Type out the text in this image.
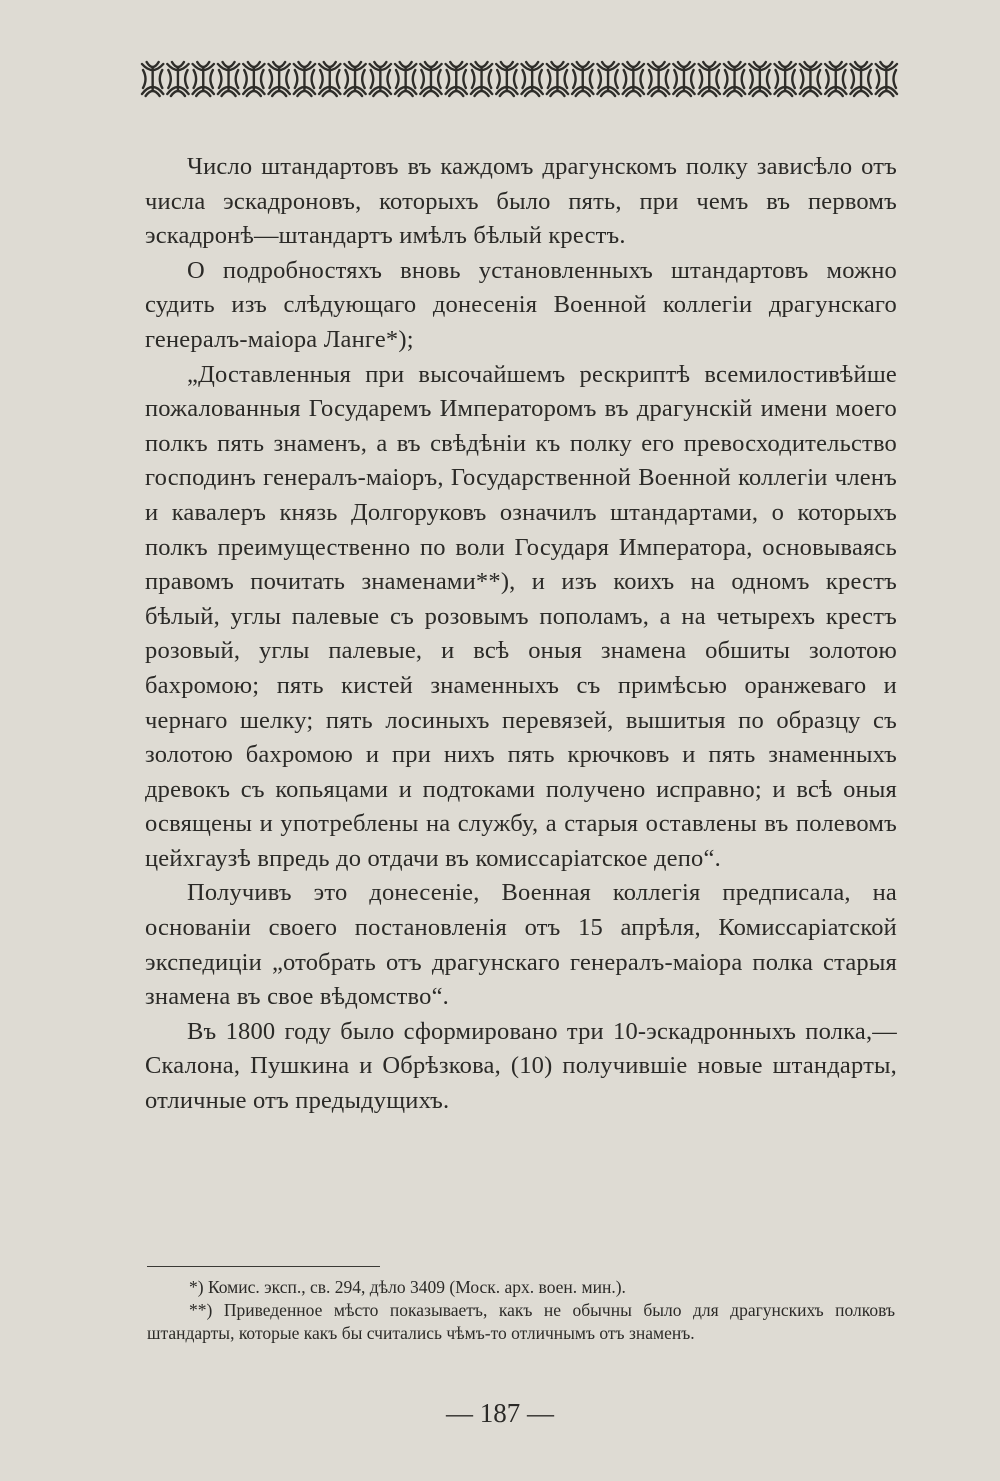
Число штандартовъ въ каждомъ драгунскомъ полку зависѣло отъ числа эскадроновъ, которыхъ было пять, при чемъ въ первомъ эскадронѣ—штандартъ имѣлъ бѣлый крестъ.

О подробностяхъ вновь установленныхъ штандартовъ можно судить изъ слѣдующаго донесенія Военной коллегіи драгунскаго генералъ-маіора Ланге*);

„Доставленныя при высочайшемъ рескриптѣ всемилостивѣйше пожалованныя Государемъ Императоромъ въ драгунскій имени моего полкъ пять знаменъ, а въ свѣдѣніи къ полку его превосходительство господинъ генералъ-маіоръ, Государственной Военной коллегіи членъ и кавалеръ князь Долгоруковъ означилъ штандартами, о которыхъ полкъ преимущественно по воли Государя Императора, основываясь правомъ почитать знаменами**), и изъ коихъ на одномъ крестъ бѣлый, углы палевые съ розовымъ пополамъ, а на четырехъ крестъ розовый, углы палевые, и всѣ оныя знамена обшиты золотою бахромою; пять кистей знаменныхъ съ примѣсью оранжеваго и чернаго шелку; пять лосиныхъ перевязей, вышитыя по образцу съ золотою бахромою и при нихъ пять крючковъ и пять знаменныхъ древокъ съ копьяцами и подтоками получено исправно; и всѣ оныя освящены и употреблены на службу, а старыя оставлены въ полевомъ цейхгаузѣ впредь до отдачи въ комиссаріатское депо“.

Получивъ это донесеніе, Военная коллегія предписала, на основаніи своего постановленія отъ 15 апрѣля, Комиссаріатской экспедиціи „отобрать отъ драгунскаго генералъ-маіора полка старыя знамена въ свое вѣдомство“.

Въ 1800 году было сформировано три 10-эскадронныхъ полка,—Скалона, Пушкина и Обрѣзкова, (10) получившіе новые штандарты, отличные отъ предыдущихъ.

*) Комис. эксп., св. 294, дѣло 3409 (Моск. арх. воен. мин.).

**) Приведенное мѣсто показываетъ, какъ не обычны было для драгунскихъ полковъ штандарты, которые какъ бы считались чѣмъ-то отличнымъ отъ знаменъ.

— 187 —
